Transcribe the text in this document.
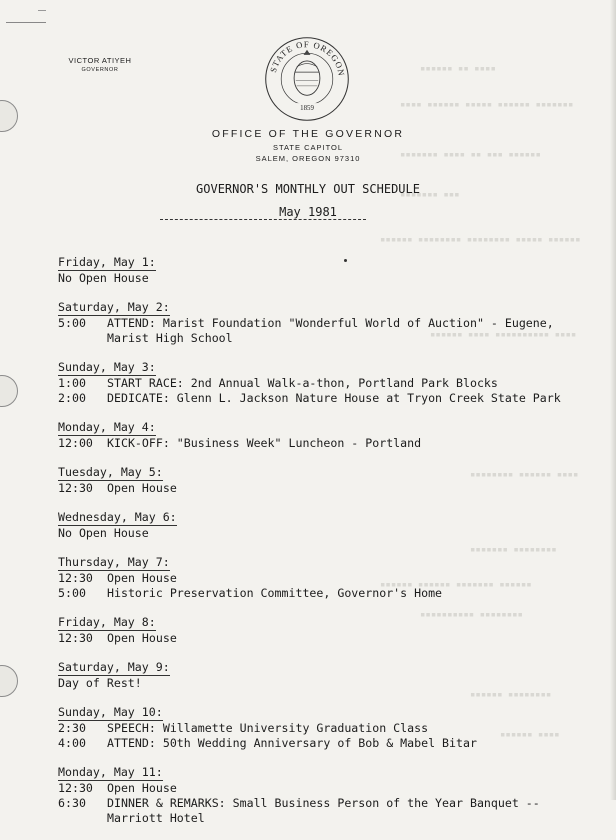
▪▪▪▪▪▪ ▪▪ ▪▪▪▪
▪▪▪▪ ▪▪▪▪▪▪ ▪▪▪▪▪ ▪▪▪▪▪▪ ▪▪▪▪▪▪▪
▪▪▪▪▪▪▪ ▪▪▪▪ ▪▪ ▪▪▪ ▪▪▪▪▪▪
▪▪▪▪▪▪▪ ▪▪▪
▪▪▪▪▪▪ ▪▪▪▪▪▪▪▪ ▪▪▪▪▪▪▪▪ ▪▪▪▪▪ ▪▪▪▪▪▪
▪▪▪▪▪▪ ▪▪▪▪ ▪▪▪▪▪▪▪▪▪▪ ▪▪▪▪
▪▪▪▪▪▪▪▪ ▪▪▪▪▪▪ ▪▪▪▪
▪▪▪▪▪▪▪ ▪▪▪▪▪▪▪▪
▪▪▪▪▪▪ ▪▪▪▪▪▪ ▪▪▪▪▪▪▪ ▪▪▪▪▪▪
▪▪▪▪▪▪▪▪▪▪ ▪▪▪▪▪▪▪▪
▪▪▪▪▪▪ ▪▪▪▪▪▪▪▪
▪▪▪▪▪▪ ▪▪▪▪
VICTOR ATIYEH
GOVERNOR	STATE OF OREGON
1859
OFFICE OF THE GOVERNOR
STATE CAPITOL
SALEM, OREGON 97310
GOVERNOR'S MONTHLY OUT SCHEDULE
May 1981
Friday, May 1:
No Open House
Saturday, May 2:
5:00	ATTEND: Marist Foundation "Wonderful World of Auction" - Eugene, Marist High School
Sunday, May 3:
1:00	START RACE: 2nd Annual Walk-a-thon, Portland Park Blocks
2:00	DEDICATE: Glenn L. Jackson Nature House at Tryon Creek State Park
Monday, May 4:
12:00	KICK-OFF: "Business Week" Luncheon - Portland
Tuesday, May 5:
12:30	Open House
Wednesday, May 6:
No Open House
Thursday, May 7:
12:30	Open House
5:00	Historic Preservation Committee, Governor's Home
Friday, May 8:
12:30	Open House
Saturday, May 9:
Day of Rest!
Sunday, May 10:
2:30	SPEECH: Willamette University Graduation Class
4:00	ATTEND: 50th Wedding Anniversary of Bob & Mabel Bitar
Monday, May 11:
12:30	Open House
6:30	DINNER & REMARKS: Small Business Person of the Year Banquet -- Marriott Hotel
